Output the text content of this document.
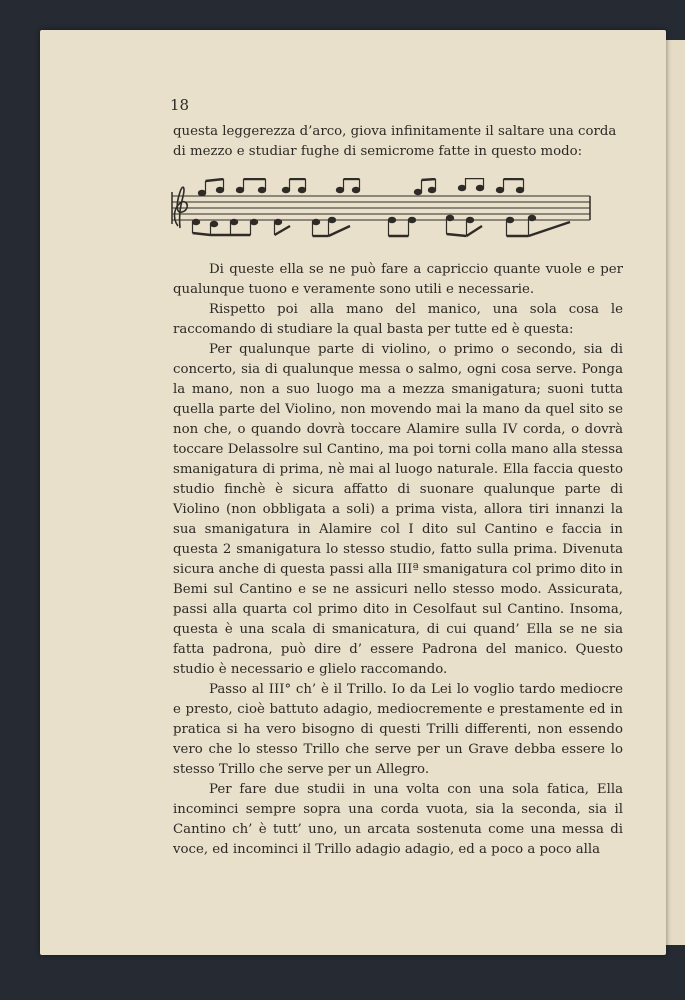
18

questa leggerezza d’arco, giova infinitamente il saltare una corda

di mezzo e studiar fughe di semicrome fatte in questo modo:

Di queste ella se ne può fare a capriccio quante vuole e per qualunque tuono e veramente sono utili e necessarie.

Rispetto poi alla mano del manico, una sola cosa le raccomando di studiare la qual basta per tutte ed è questa:

Per qualunque parte di violino, o primo o secondo, sia di concerto, sia di qualunque messa o salmo, ogni cosa serve. Ponga la mano, non a suo luogo ma a mezza smanigatura; suoni tutta quella parte del Violino, non movendo mai la mano da quel sito se non che, o quando dovrà toccare Alamire sulla IV corda, o dovrà toccare Delassolre sul Cantino, ma poi torni colla mano alla stessa smanigatura di prima, nè mai al luogo naturale. Ella faccia questo studio finchè è sicura affatto di suonare qualunque parte di Violino (non obbligata a soli) a prima vista, allora tiri innanzi la sua smanigatura in Alamire col I dito sul Cantino e faccia in questa 2 smanigatura lo stesso studio, fatto sulla prima. Divenuta sicura anche di questa passi alla IIIª smanigatura col primo dito in Bemi sul Cantino e se ne assicuri nello stesso modo. Assicurata, passi alla quarta col primo dito in Cesolfaut sul Cantino. Insoma, questa è una scala di smanicatura, di cui quand’ Ella se ne sia fatta padrona, può dire d’ essere Padrona del manico. Questo studio è necessario e glielo raccomando.

Passo al III° ch’ è il Trillo. Io da Lei lo voglio tardo mediocre e presto, cioè battuto adagio, mediocremente e prestamente ed in pratica si ha vero bisogno di questi Trilli differenti, non essendo vero che lo stesso Trillo che serve per un Grave debba essere lo stesso Trillo che serve per un Allegro.

Per fare due studii in una volta con una sola fatica, Ella incominci sempre sopra una corda vuota, sia la seconda, sia il Cantino ch’ è tutt’ uno, un arcata sostenuta come una messa di voce, ed incominci il Trillo adagio adagio, ed a poco a poco alla
